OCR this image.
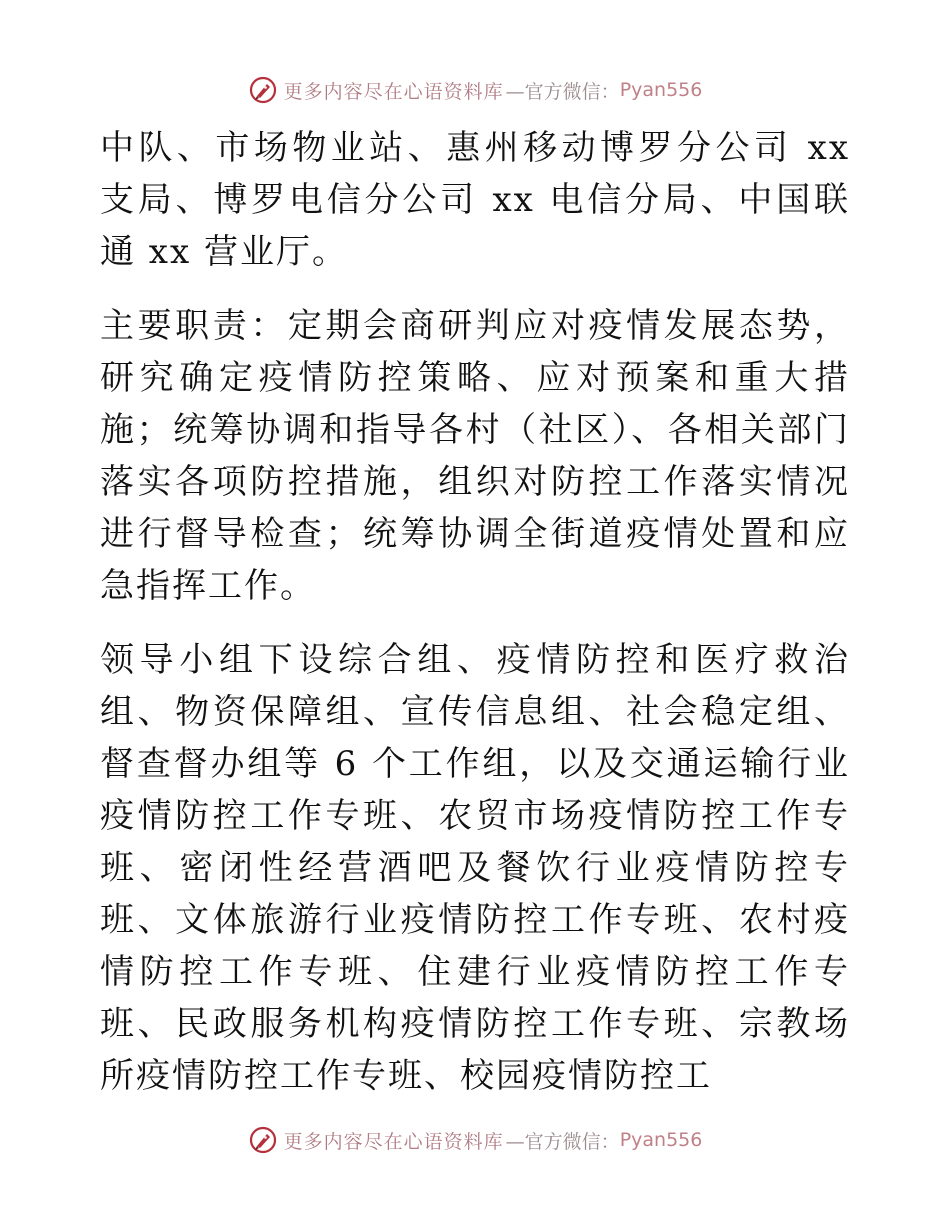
更多内容尽在心语资料库 —官方微信： Pyan556

中队、市场物业站、惠州移动博罗分公司 xx 支局、博罗电信分公司 xx 电信分局、中国联通 xx 营业厅。

主要职责：定期会商研判应对疫情发展态势，研究确定疫情防控策略、应对预案和重大措施；统筹协调和指导各村（社区）、各相关部门落实各项防控措施，组织对防控工作落实情况进行督导检查；统筹协调全街道疫情处置和应急指挥工作。

领导小组下设综合组、疫情防控和医疗救治组、物资保障组、宣传信息组、社会稳定组、督查督办组等 6 个工作组，以及交通运输行业疫情防控工作专班、农贸市场疫情防控工作专班、密闭性经营酒吧及餐饮行业疫情防控专班、文体旅游行业疫情防控工作专班、农村疫情防控工作专班、住建行业疫情防控工作专班、民政服务机构疫情防控工作专班、宗教场所疫情防控工作专班、校园疫情防控工

更多内容尽在心语资料库 —官方微信： Pyan556
